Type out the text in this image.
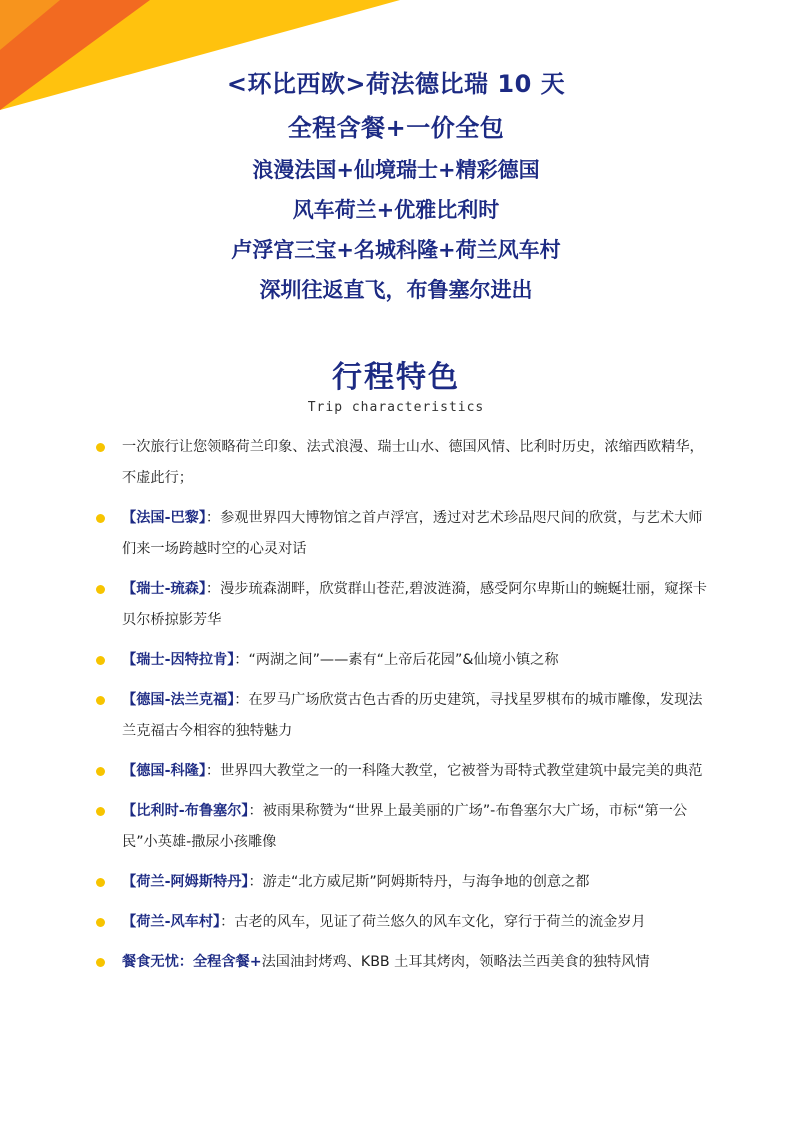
<环比西欧>荷法德比瑞 10 天
全程含餐+一价全包
浪漫法国+仙境瑞士+精彩德国
风车荷兰+优雅比利时
卢浮宫三宝+名城科隆+荷兰风车村
深圳往返直飞，布鲁塞尔进出
行程特色
Trip characteristics
一次旅行让您领略荷兰印象、法式浪漫、瑞士山水、德国风情、比利时历史，浓缩西欧精华，不虚此行；
【法国-巴黎】：参观世界四大博物馆之首卢浮宫，透过对艺术珍品咫尺间的欣赏，与艺术大师们来一场跨越时空的心灵对话
【瑞士-琉森】：漫步琉森湖畔，欣赏群山苍茫,碧波涟漪，感受阿尔卑斯山的蜿蜒壮丽，窥探卡贝尔桥掠影芳华
【瑞士-因特拉肯】：“两湖之间”——素有“上帝后花园”&仙境小镇之称
【德国-法兰克福】：在罗马广场欣赏古色古香的历史建筑，寻找星罗棋布的城市雕像，发现法兰克福古今相容的独特魅力
【德国-科隆】：世界四大教堂之一的一科隆大教堂，它被誉为哥特式教堂建筑中最完美的典范
【比利时-布鲁塞尔】：被雨果称赞为“世界上最美丽的广场”-布鲁塞尔大广场，市标“第一公民”小英雄-撒尿小孩雕像
【荷兰-阿姆斯特丹】：游走“北方威尼斯”阿姆斯特丹，与海争地的创意之都
【荷兰-风车村】：古老的风车，见证了荷兰悠久的风车文化，穿行于荷兰的流金岁月
餐食无忧：全程含餐+法国油封烤鸡、KBB 土耳其烤肉，领略法兰西美食的独特风情
